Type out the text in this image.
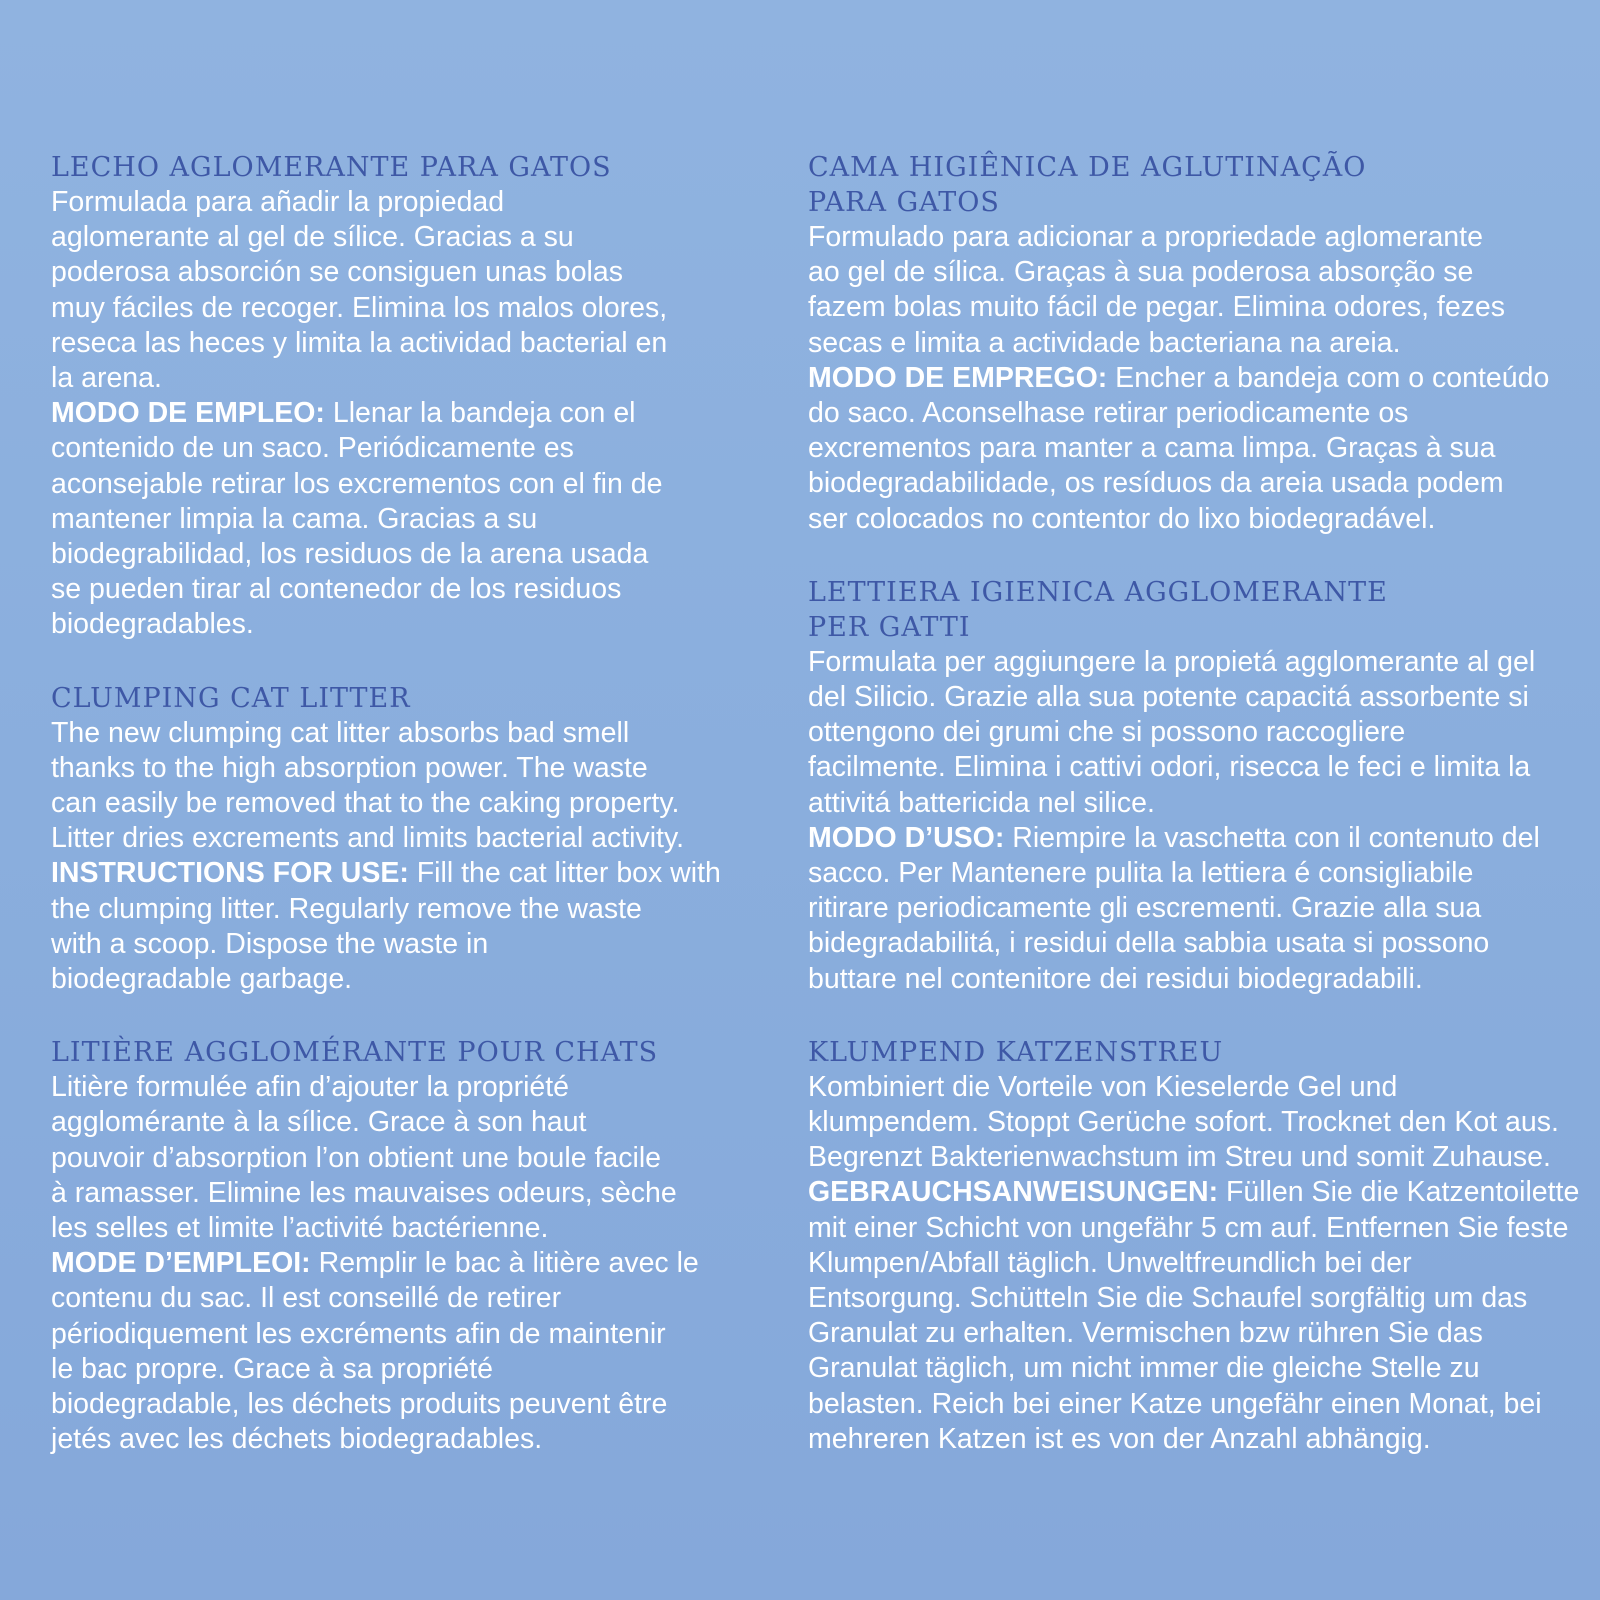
LECHO AGLOMERANTE PARA GATOS
Formulada para añadir la propiedad
aglomerante al gel de sílice. Gracias a su
poderosa absorción se consiguen unas bolas
muy fáciles de recoger. Elimina los malos olores,
reseca las heces y limita la actividad bacterial en
la arena.
MODO DE EMPLEO: Llenar la bandeja con el
contenido de un saco. Periódicamente es
aconsejable retirar los excrementos con el fin de
mantener limpia la cama. Gracias a su
biodegrabilidad, los residuos de la arena usada
se pueden tirar al contenedor de los residuos
biodegradables.
CLUMPING CAT LITTER
The new clumping cat litter absorbs bad smell
thanks to the high absorption power. The waste
can easily be removed that to the caking property.
Litter dries excrements and limits bacterial activity.
INSTRUCTIONS FOR USE: Fill the cat litter box with
the clumping litter. Regularly remove the waste
with a scoop. Dispose the waste in
biodegradable garbage.
LITIÈRE AGGLOMÉRANTE POUR CHATS
Litière formulée afin d’ajouter la propriété
agglomérante à la sílice. Grace à son haut
pouvoir d’absorption l’on obtient une boule facile
à ramasser. Elimine les mauvaises odeurs, sèche
les selles et limite l’activité bactérienne.
MODE D’EMPLEOI: Remplir le bac à litière avec le
contenu du sac. Il est conseillé de retirer
périodiquement les excréments afin de maintenir
le bac propre. Grace à sa propriété
biodegradable, les déchets produits peuvent être
jetés avec les déchets biodegradables.
CAMA HIGIÊNICA DE AGLUTINAÇÃO
PARA GATOS
Formulado para adicionar a propriedade aglomerante
ao gel de sílica. Graças à sua poderosa absorção se
fazem bolas muito fácil de pegar. Elimina odores, fezes
secas e limita a actividade bacteriana na areia.
MODO DE EMPREGO: Encher a bandeja com o conteúdo
do saco. Aconselhase retirar periodicamente os
excrementos para manter a cama limpa. Graças à sua
biodegradabilidade, os resíduos da areia usada podem
ser colocados no contentor do lixo biodegradável.
LETTIERA IGIENICA AGGLOMERANTE
PER GATTI
Formulata per aggiungere la propietá agglomerante al gel
del Silicio. Grazie alla sua potente capacitá assorbente si
ottengono dei grumi che si possono raccogliere
facilmente. Elimina i cattivi odori, risecca le feci e limita la
attivitá battericida nel silice.
MODO D’USO: Riempire la vaschetta con il contenuto del
sacco. Per Mantenere pulita la lettiera é consigliabile
ritirare periodicamente gli escrementi. Grazie alla sua
bidegradabilitá, i residui della sabbia usata si possono
buttare nel contenitore dei residui biodegradabili.
KLUMPEND KATZENSTREU
Kombiniert die Vorteile von Kieselerde Gel und
klumpendem. Stoppt Gerüche sofort. Trocknet den Kot aus.
Begrenzt Bakterienwachstum im Streu und somit Zuhause.
GEBRAUCHSANWEISUNGEN: Füllen Sie die Katzentoilette
mit einer Schicht von ungefähr 5 cm auf. Entfernen Sie feste
Klumpen/Abfall täglich. Unweltfreundlich bei der
Entsorgung. Schütteln Sie die Schaufel sorgfältig um das
Granulat zu erhalten. Vermischen bzw rühren Sie das
Granulat täglich, um nicht immer die gleiche Stelle zu
belasten. Reich bei einer Katze ungefähr einen Monat, bei
mehreren Katzen ist es von der Anzahl abhängig.
